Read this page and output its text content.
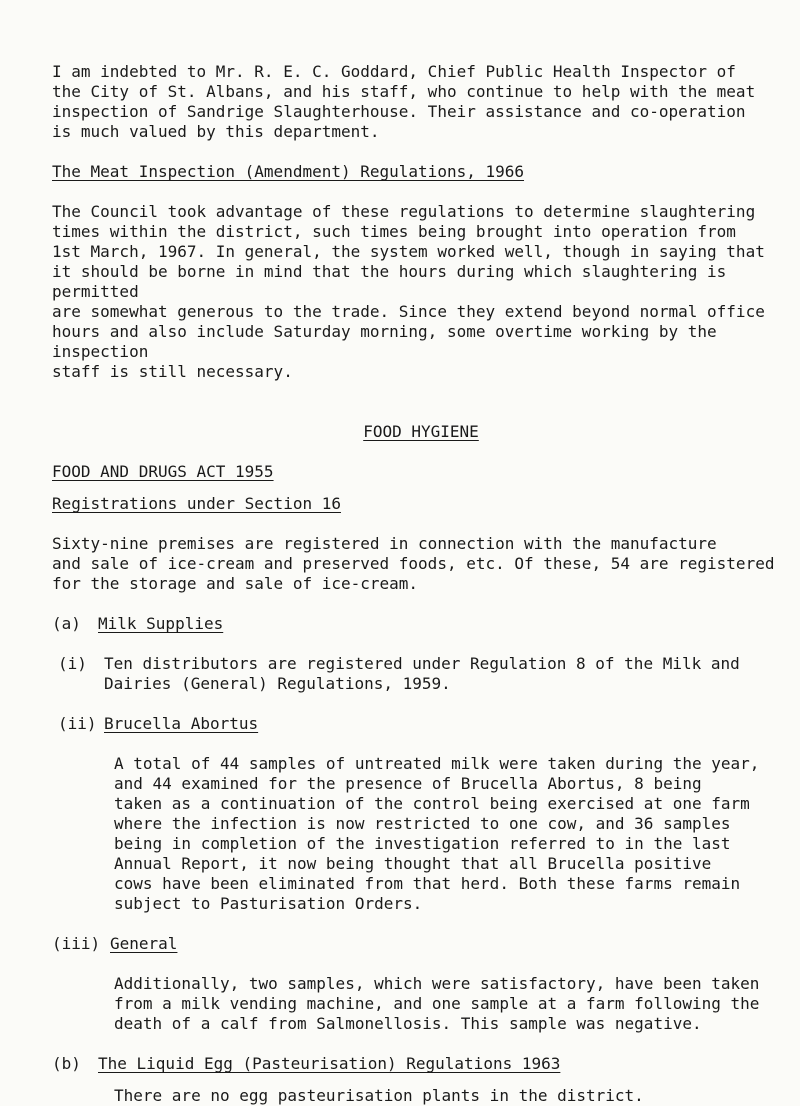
I am indebted to Mr. R. E. C. Goddard, Chief Public Health Inspector of
the City of St. Albans, and his staff, who continue to help with the meat
inspection of Sandrige Slaughterhouse. Their assistance and co-operation
is much valued by this department.

The Meat Inspection (Amendment) Regulations, 1966

The Council took advantage of these regulations to determine slaughtering
times within the district, such times being brought into operation from
1st March, 1967. In general, the system worked well, though in saying that
it should be borne in mind that the hours during which slaughtering is permitted
are somewhat generous to the trade. Since they extend beyond normal office
hours and also include Saturday morning, some overtime working by the inspection
staff is still necessary.

FOOD HYGIENE

FOOD AND DRUGS ACT 1955

Registrations under Section 16

Sixty-nine premises are registered in connection with the manufacture
and sale of ice-cream and preserved foods, etc. Of these, 54 are registered
for the storage and sale of ice-cream.

(a) Milk Supplies

(i)	Ten distributors are registered under Regulation 8 of the Milk and
Dairies (General) Regulations, 1959.

(ii) Brucella Abortus

A total of 44 samples of untreated milk were taken during the year,
and 44 examined for the presence of Brucella Abortus, 8 being
taken as a continuation of the control being exercised at one farm
where the infection is now restricted to one cow, and 36 samples
being in completion of the investigation referred to in the last
Annual Report, it now being thought that all Brucella positive
cows have been eliminated from that herd. Both these farms remain
subject to Pasturisation Orders.

(iii) General

Additionally, two samples, which were satisfactory, have been taken
from a milk vending machine, and one sample at a farm following the
death of a calf from Salmonellosis. This sample was negative.

(b) The Liquid Egg (Pasteurisation) Regulations 1963

There are no egg pasteurisation plants in the district.
